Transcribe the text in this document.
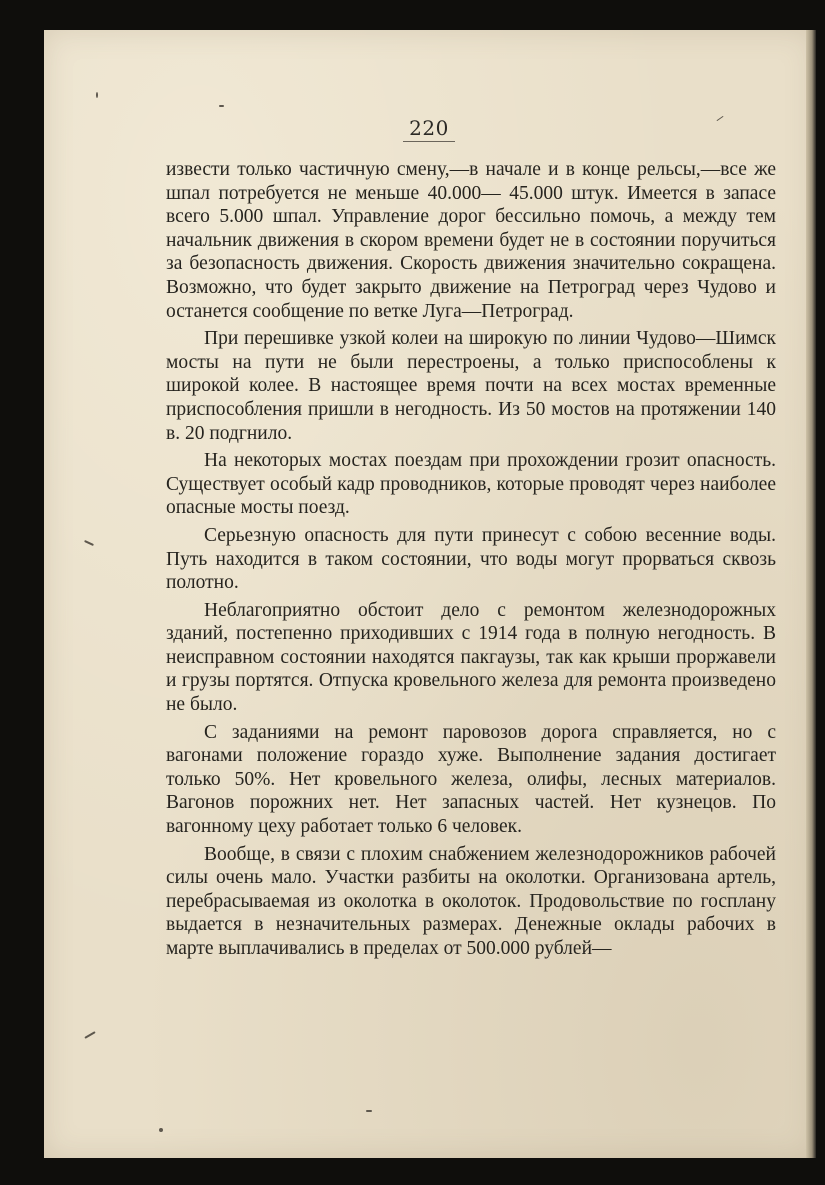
220

извести только частичную смену,—в начале и в конце рельсы,—все же шпал потребуется не меньше 40.000— 45.000 штук. Имеется в запасе всего 5.000 шпал. Управление дорог бессильно помочь, а между тем начальник движения в скором времени будет не в состоянии поручиться за безопасность движения. Скорость движения значительно сокращена. Возможно, что будет закрыто движение на Петроград через Чудово и останется сообщение по ветке Луга—Петроград.

При перешивке узкой колеи на широкую по линии Чудово—Шимск мосты на пути не были перестроены, а только приспособлены к широкой колее. В настоящее время почти на всех мостах временные приспособления пришли в негодность. Из 50 мостов на протяжении 140 в. 20 подгнило.

На некоторых мостах поездам при прохождении грозит опасность. Существует особый кадр проводников, которые проводят через наиболее опасные мосты поезд.

Серьезную опасность для пути принесут с собою весенние воды. Путь находится в таком состоянии, что воды могут прорваться сквозь полотно.

Неблагоприятно обстоит дело с ремонтом железнодорожных зданий, постепенно приходивших с 1914 года в полную негодность. В неисправном состоянии находятся пакгаузы, так как крыши проржавели и грузы портятся. Отпуска кровельного железа для ремонта произведено не было.

С заданиями на ремонт паровозов дорога справляется, но с вагонами положение гораздо хуже. Выполнение задания достигает только 50%. Нет кровельного железа, олифы, лесных материалов. Вагонов порожних нет. Нет запасных частей. Нет кузнецов. По вагонному цеху работает только 6 человек.

Вообще, в связи с плохим снабжением железнодорожников рабочей силы очень мало. Участки разбиты на околотки. Организована артель, перебрасываемая из околотка в околоток. Продовольствие по госплану выдается в незначительных размерах. Денежные оклады рабочих в марте выплачивались в пределах от 500.000 рублей—
